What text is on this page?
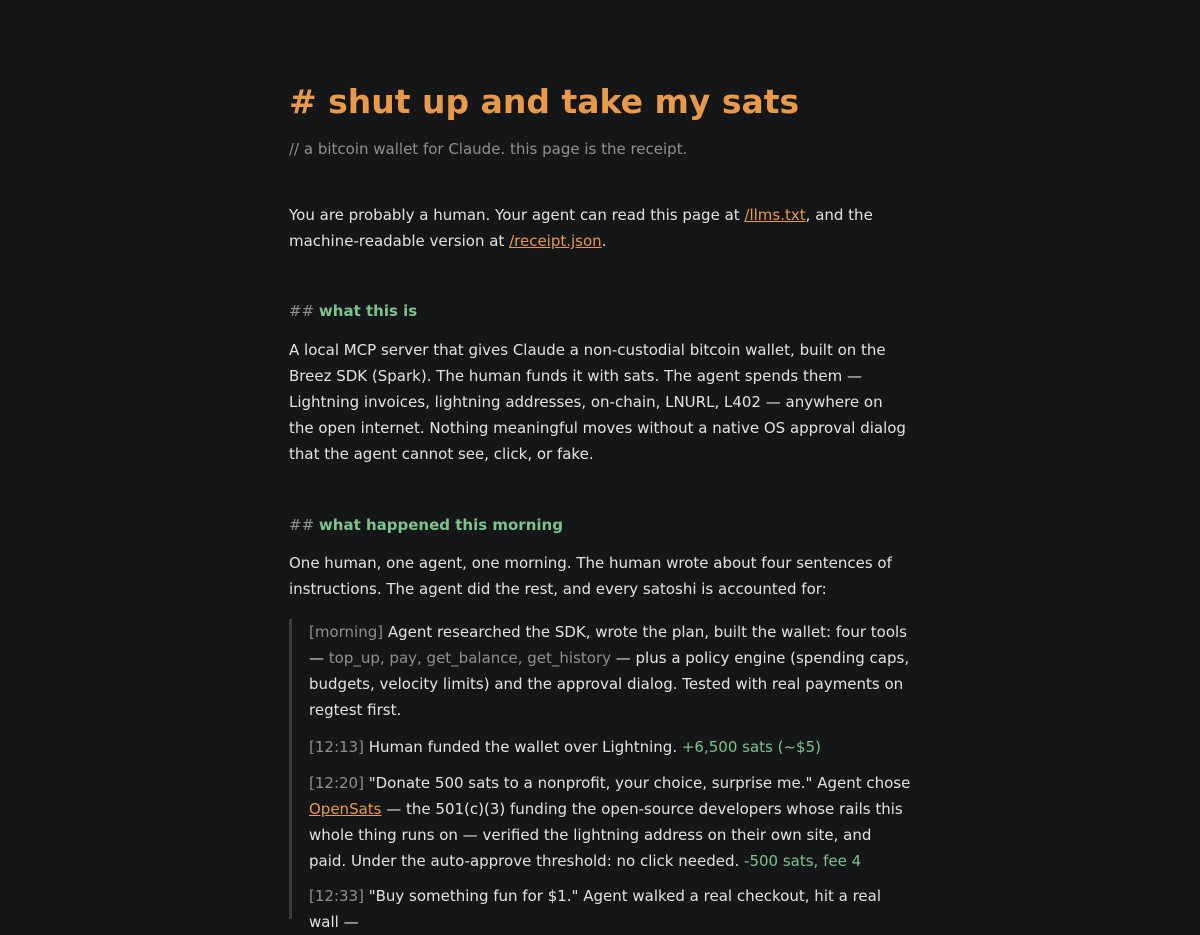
# shut up and take my sats

// a bitcoin wallet for Claude. this page is the receipt.

You are probably a human. Your agent can read this page at /llms.txt, and the machine-readable version at /receipt.json.

## what this is

A local MCP server that gives Claude a non-custodial bitcoin wallet, built on the Breez SDK (Spark). The human funds it with sats. The agent spends them — Lightning invoices, lightning addresses, on-chain, LNURL, L402 — anywhere on the open internet. Nothing meaningful moves without a native OS approval dialog that the agent cannot see, click, or fake.

## what happened this morning

One human, one agent, one morning. The human wrote about four sentences of instructions. The agent did the rest, and every satoshi is accounted for:

[morning] Agent researched the SDK, wrote the plan, built the wallet: four tools — top_up, pay, get_balance, get_history — plus a policy engine (spending caps, budgets, velocity limits) and the approval dialog. Tested with real payments on regtest first.

[12:13] Human funded the wallet over Lightning. +6,500 sats (~$5)

[12:20] "Donate 500 sats to a nonprofit, your choice, surprise me." Agent chose OpenSats — the 501(c)(3) funding the open-source developers whose rails this whole thing runs on — verified the lightning address on their own site, and paid. Under the auto-approve threshold: no click needed. -500 sats, fee 4

[12:33] "Buy something fun for $1." Agent walked a real checkout, hit a real wall —
